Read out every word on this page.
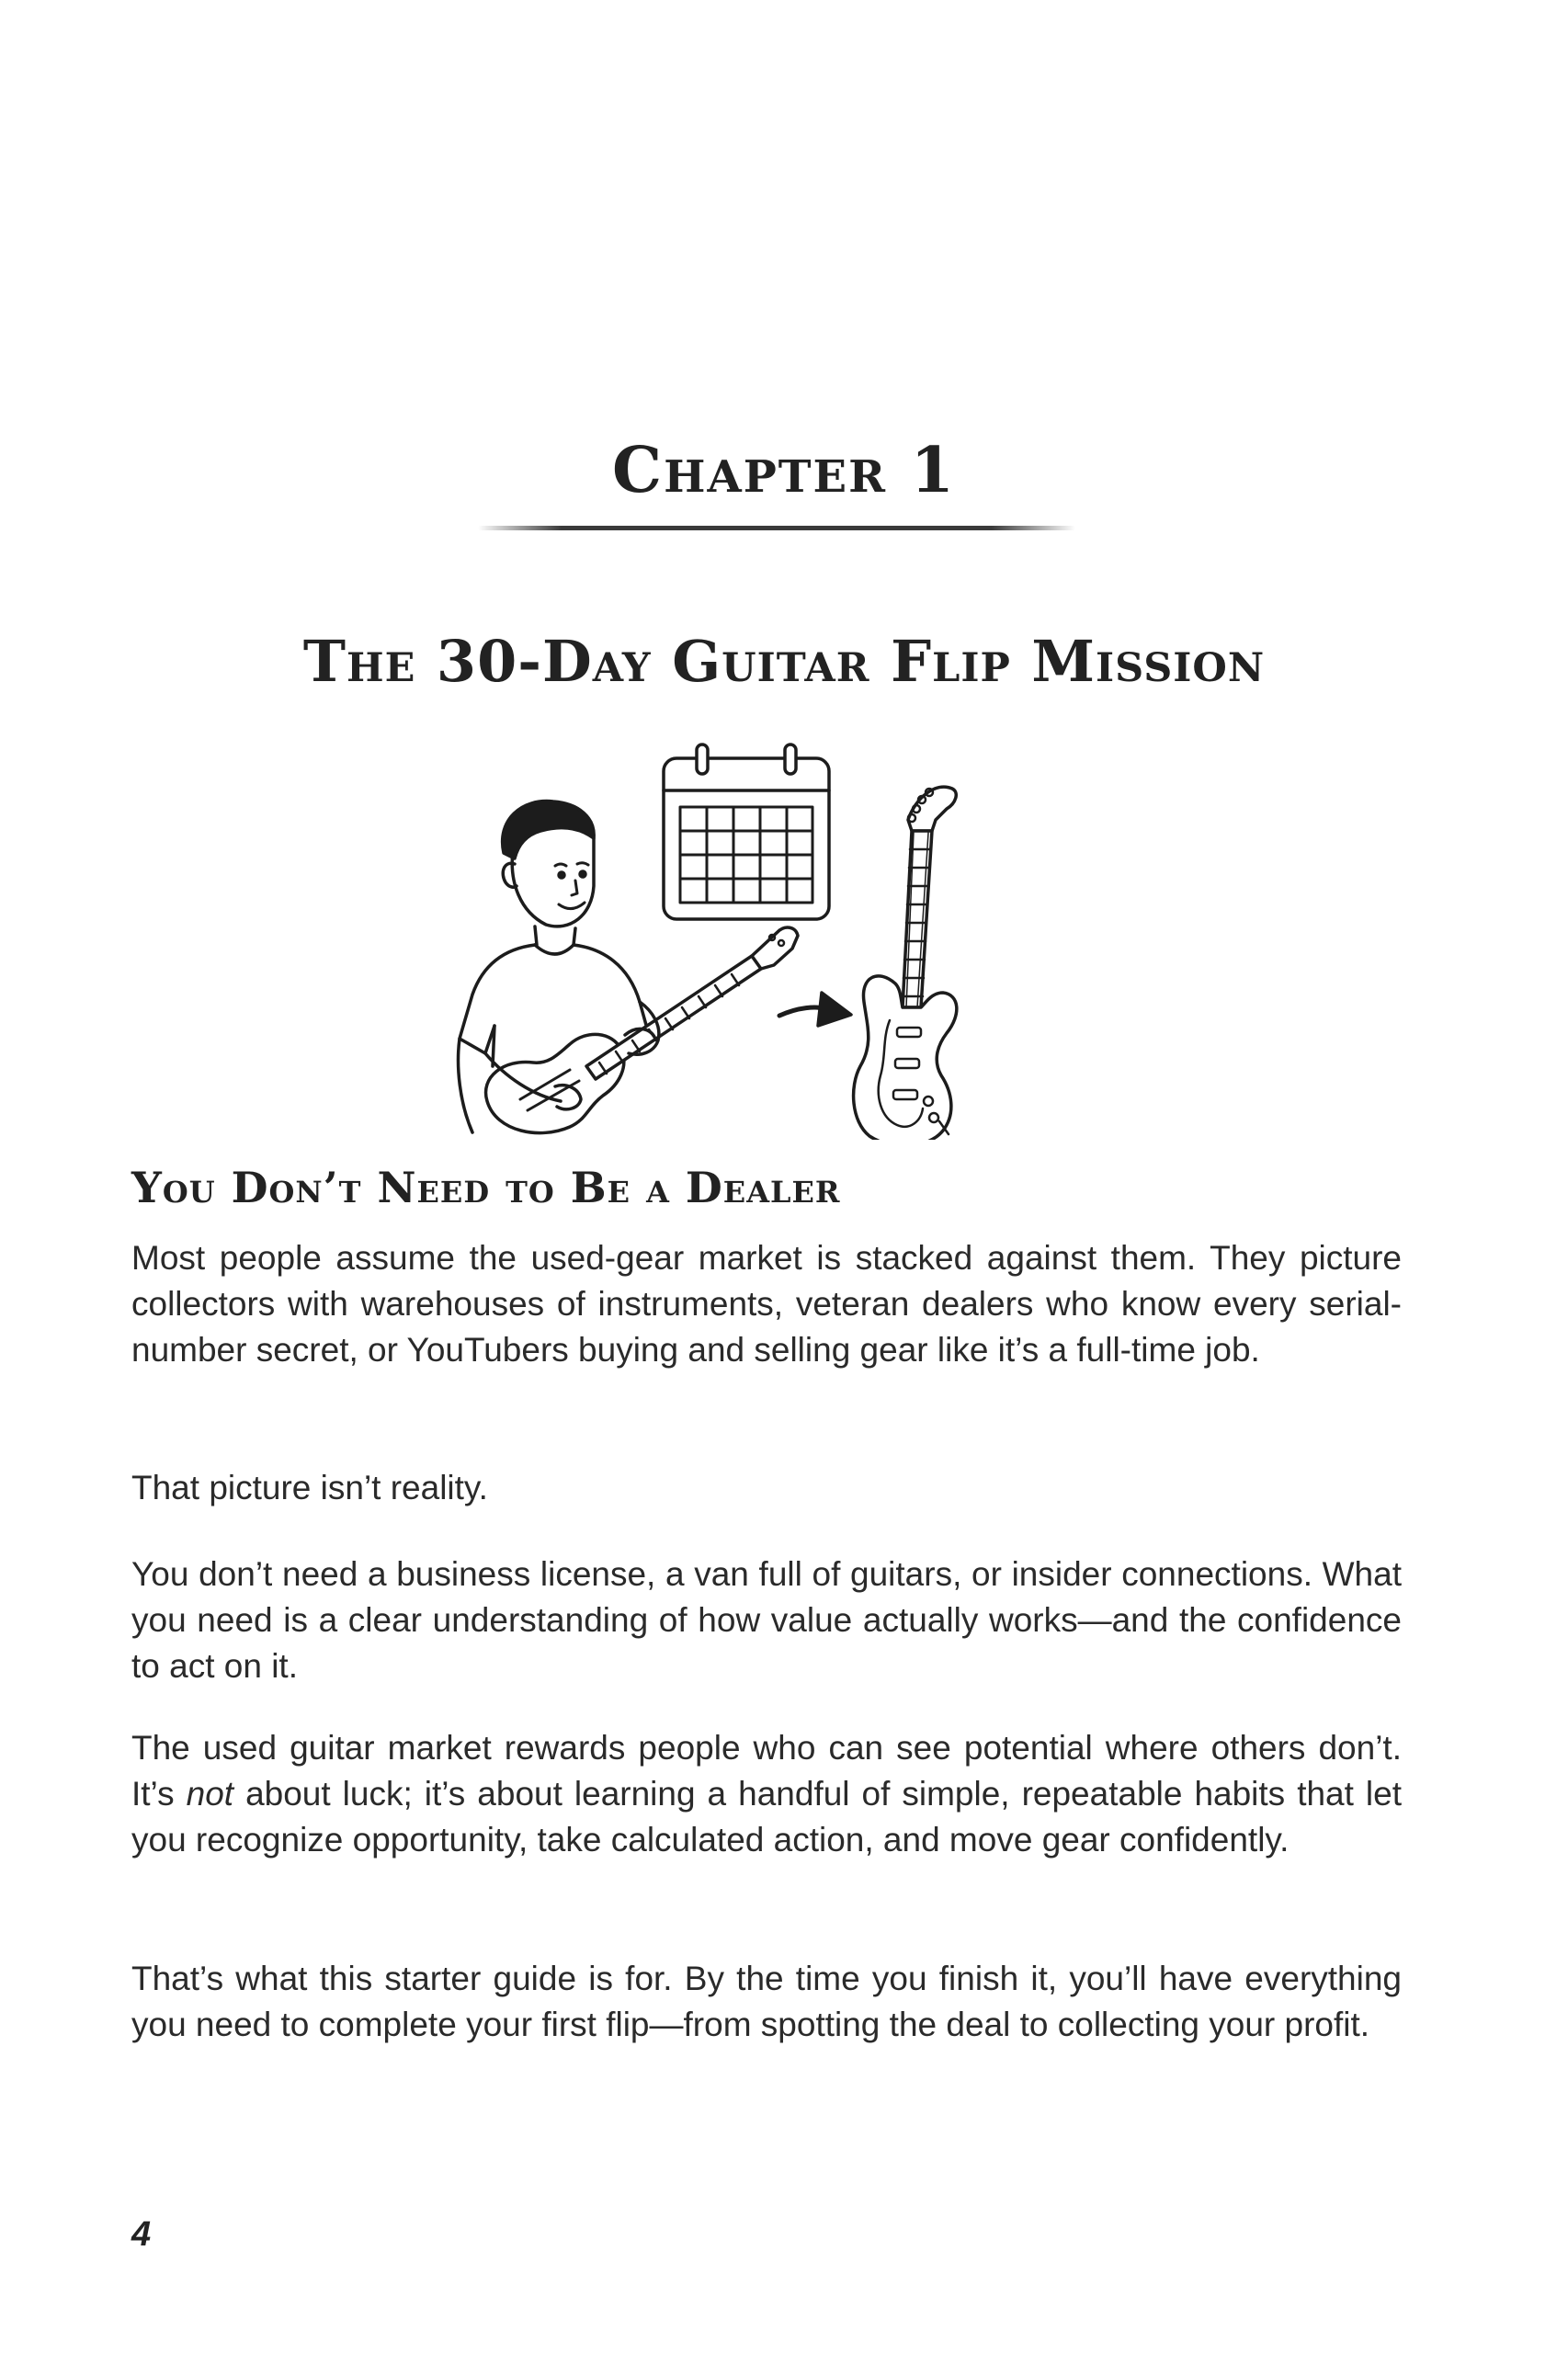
Chapter 1
The 30-Day Guitar Flip Mission
You Don’t Need to Be a Dealer

Most people assume the used-gear market is stacked against them. They picture collectors with warehouses of instruments, veteran dealers who know every serial-number secret, or YouTubers buying and selling gear like it’s a full-time job.

That picture isn’t reality.

You don’t need a business license, a van full of guitars, or insider connections. What you need is a clear understanding of how value actually works—and the confidence to act on it.

The used guitar market rewards people who can see potential where others don’t. It’s not about luck; it’s about learning a handful of simple, repeatable habits that let you recognize opportunity, take calculated action, and move gear confidently.

That’s what this starter guide is for. By the time you finish it, you’ll have everything you need to complete your first flip—from spotting the deal to collecting your profit.

4
